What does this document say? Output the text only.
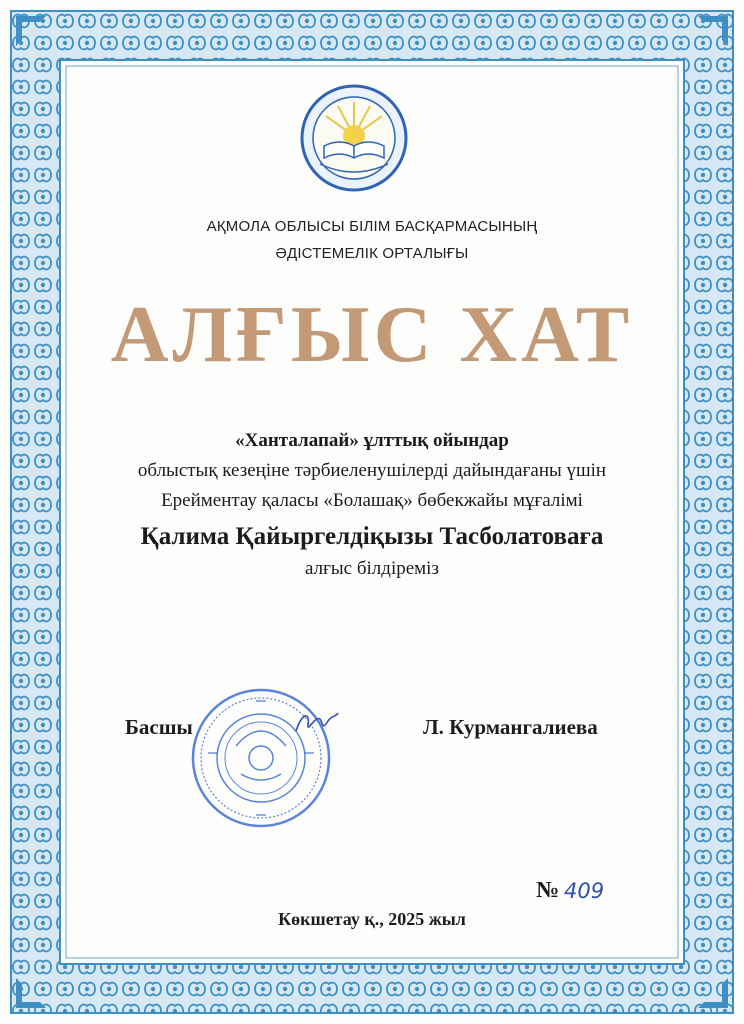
АҚМОЛА ОБЛЫСЫ БІЛІМ БАСҚАРМАСЫНЫҢ
ӘДІСТЕМЕЛІК ОРТАЛЫҒЫ
АЛҒЫС ХАТ
«Ханталапай» ұлттық ойындар
облыстық кезеңіне тәрбиеленушілерді дайындағаны үшін
Ерейментау қаласы «Болашақ» бөбекжайы мұғалімі
Қалима Қайыргелдіқызы Тасболатоваға
алғыс білдіреміз
Басшы	Л. Курмангалиева
№ 409
Көкшетау қ., 2025 жыл
